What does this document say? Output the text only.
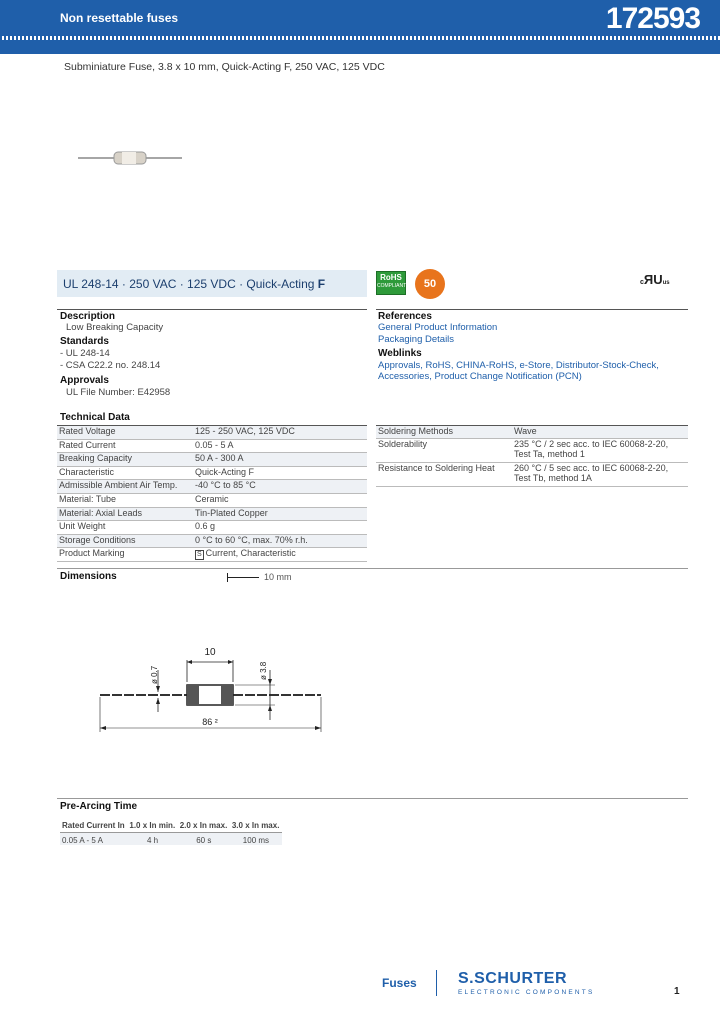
Non resettable fuses	172593
www.schurter.com/pg01_2
Subminiature Fuse, 3.8 x 10 mm, Quick-Acting F, 250 VAC, 125 VDC
UL 248-14 · 250 VAC · 125 VDC · Quick-Acting F	RoHS
COMPLIANT	50	cЯUus
Description
Low Breaking Capacity
Standards
- UL 248-14
- CSA C22.2 no. 248.14
Approvals
UL File Number: E42958
References
General Product Information
Packaging Details
Weblinks
Approvals, RoHS, CHINA-RoHS, e-Store, Distributor-Stock-Check,
Accessories, Product Change Notification (PCN)
Technical Data
Rated Voltage	125 - 250 VAC, 125 VDC
Rated Current	0.05 - 5 A
Breaking Capacity	50 A - 300 A
Characteristic	Quick-Acting F
Admissible Ambient Air Temp.	-40 °C to 85 °C
Material: Tube	Ceramic
Material: Axial Leads	Tin-Plated Copper
Unit Weight	0.6 g
Storage Conditions	0 °C to 60 °C, max. 70% r.h.
Product Marking	S Current, Characteristic
Soldering Methods	Wave
Solderability	235 °C / 2 sec acc. to IEC 60068-2-20,
Test Ta, method 1

Resistance to Soldering Heat	260 °C / 5 sec acc. to IEC 60068-2-20,
Test Tb, method 1A
Dimensions	10 mm
10
ø 0.7	ø 3.8
86 ²
Pre-Arcing Time
Rated Current In	1.0 x In min.	2.0 x In max.	3.0 x In max.
0.05 A - 5 A	4 h	60 s	100 ms
Fuses	S.SCHURTER
ELECTRONIC COMPONENTS	1
